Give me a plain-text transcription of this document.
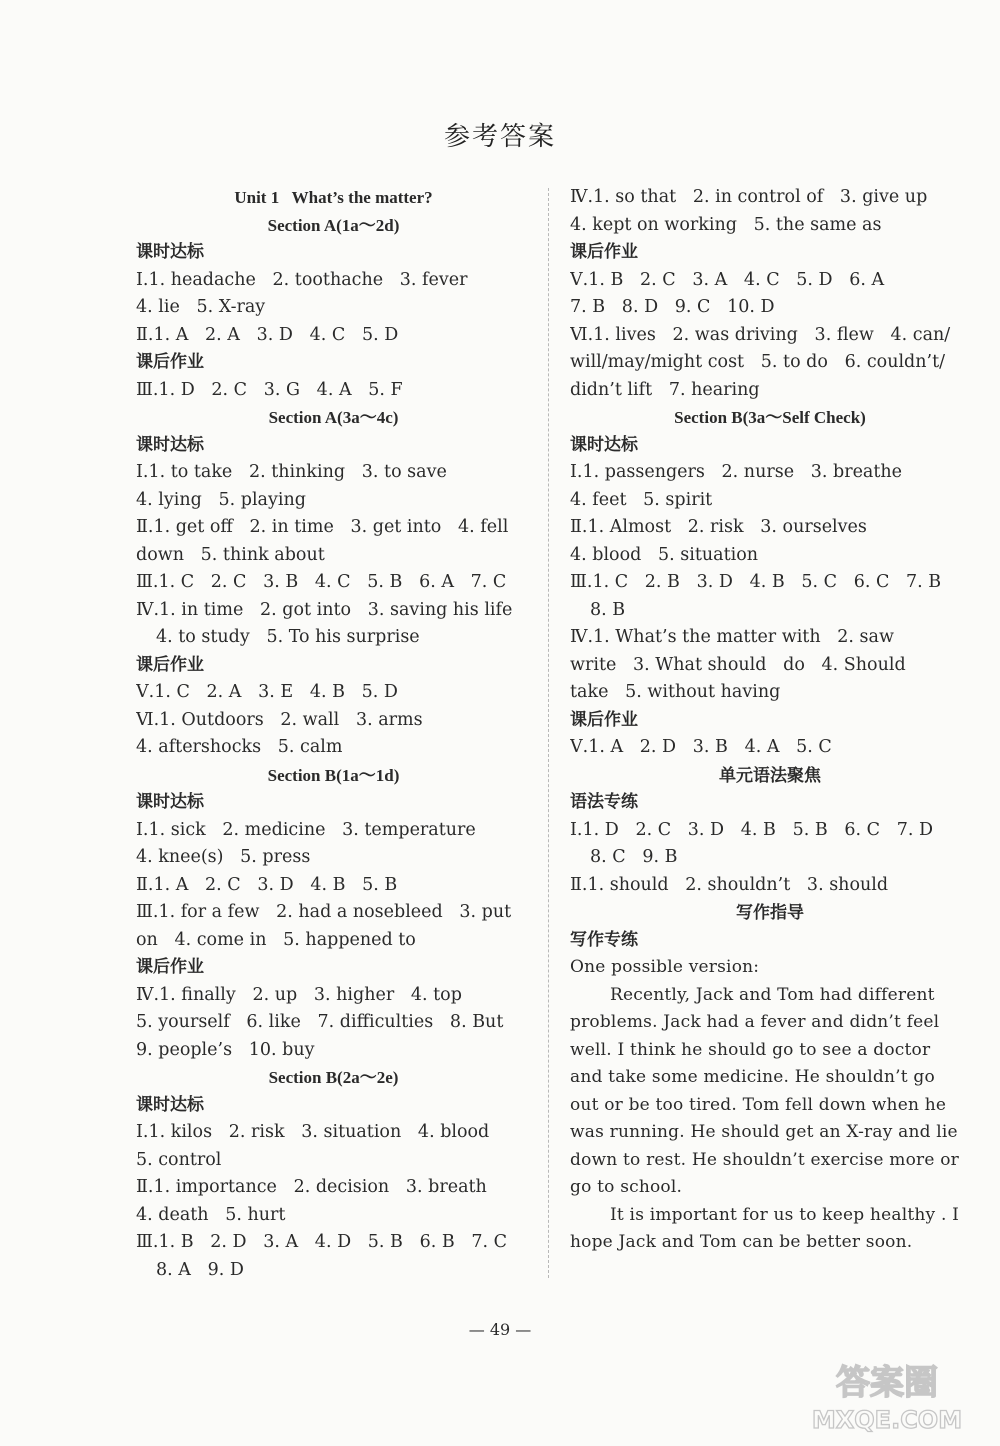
参考答案
Unit 1   What’s the matter?
Section A(1a～2d)
课时达标
Ⅰ.1. headache   2. toothache   3. fever
4. lie   5. X-ray
Ⅱ.1. A   2. A   3. D   4. C   5. D
课后作业
Ⅲ.1. D   2. C   3. G   4. A   5. F
Section A(3a～4c)
课时达标
Ⅰ.1. to take   2. thinking   3. to save
4. lying   5. playing
Ⅱ.1. get off   2. in time   3. get into   4. fell
down   5. think about
Ⅲ.1. C   2. C   3. B   4. C   5. B   6. A   7. C
Ⅳ.1. in time   2. got into   3. saving his life
4. to study   5. To his surprise
课后作业
Ⅴ.1. C   2. A   3. E   4. B   5. D
Ⅵ.1. Outdoors   2. wall   3. arms
4. aftershocks   5. calm
Section B(1a～1d)
课时达标
Ⅰ.1. sick   2. medicine   3. temperature
4. knee(s)   5. press
Ⅱ.1. A   2. C   3. D   4. B   5. B
Ⅲ.1. for a few   2. had a nosebleed   3. put
on   4. come in   5. happened to
课后作业
Ⅳ.1. finally   2. up   3. higher   4. top
5. yourself   6. like   7. difficulties   8. But
9. people’s   10. buy
Section B(2a～2e)
课时达标
Ⅰ.1. kilos   2. risk   3. situation   4. blood
5. control
Ⅱ.1. importance   2. decision   3. breath
4. death   5. hurt
Ⅲ.1. B   2. D   3. A   4. D   5. B   6. B   7. C
8. A   9. D
Ⅳ.1. so that   2. in control of   3. give up
4. kept on working   5. the same as
课后作业
Ⅴ.1. B   2. C   3. A   4. C   5. D   6. A
7. B   8. D   9. C   10. D
Ⅵ.1. lives   2. was driving   3. flew   4. can/
will/may/might cost   5. to do   6. couldn’t/
didn’t lift   7. hearing
Section B(3a～Self Check)
课时达标
Ⅰ.1. passengers   2. nurse   3. breathe
4. feet   5. spirit
Ⅱ.1. Almost   2. risk   3. ourselves
4. blood   5. situation
Ⅲ.1. C   2. B   3. D   4. B   5. C   6. C   7. B
8. B
Ⅳ.1. What’s the matter with   2. saw
write   3. What should   do   4. Should
take   5. without having
课后作业
Ⅴ.1. A   2. D   3. B   4. A   5. C
单元语法聚焦
语法专练
Ⅰ.1. D   2. C   3. D   4. B   5. B   6. C   7. D
8. C   9. B
Ⅱ.1. should   2. shouldn’t   3. should
写作指导
写作专练
One possible version:
Recently, Jack and Tom had different
problems. Jack had a fever and didn’t feel
well. I think he should go to see a doctor
and take some medicine. He shouldn’t go
out or be too tired. Tom fell down when he
was running. He should get an X-ray and lie
down to rest. He shouldn’t exercise more or
go to school.
It is important for us to keep healthy . I
hope Jack and Tom can be better soon.
— 49 —
答案圈
MXQE.COM
